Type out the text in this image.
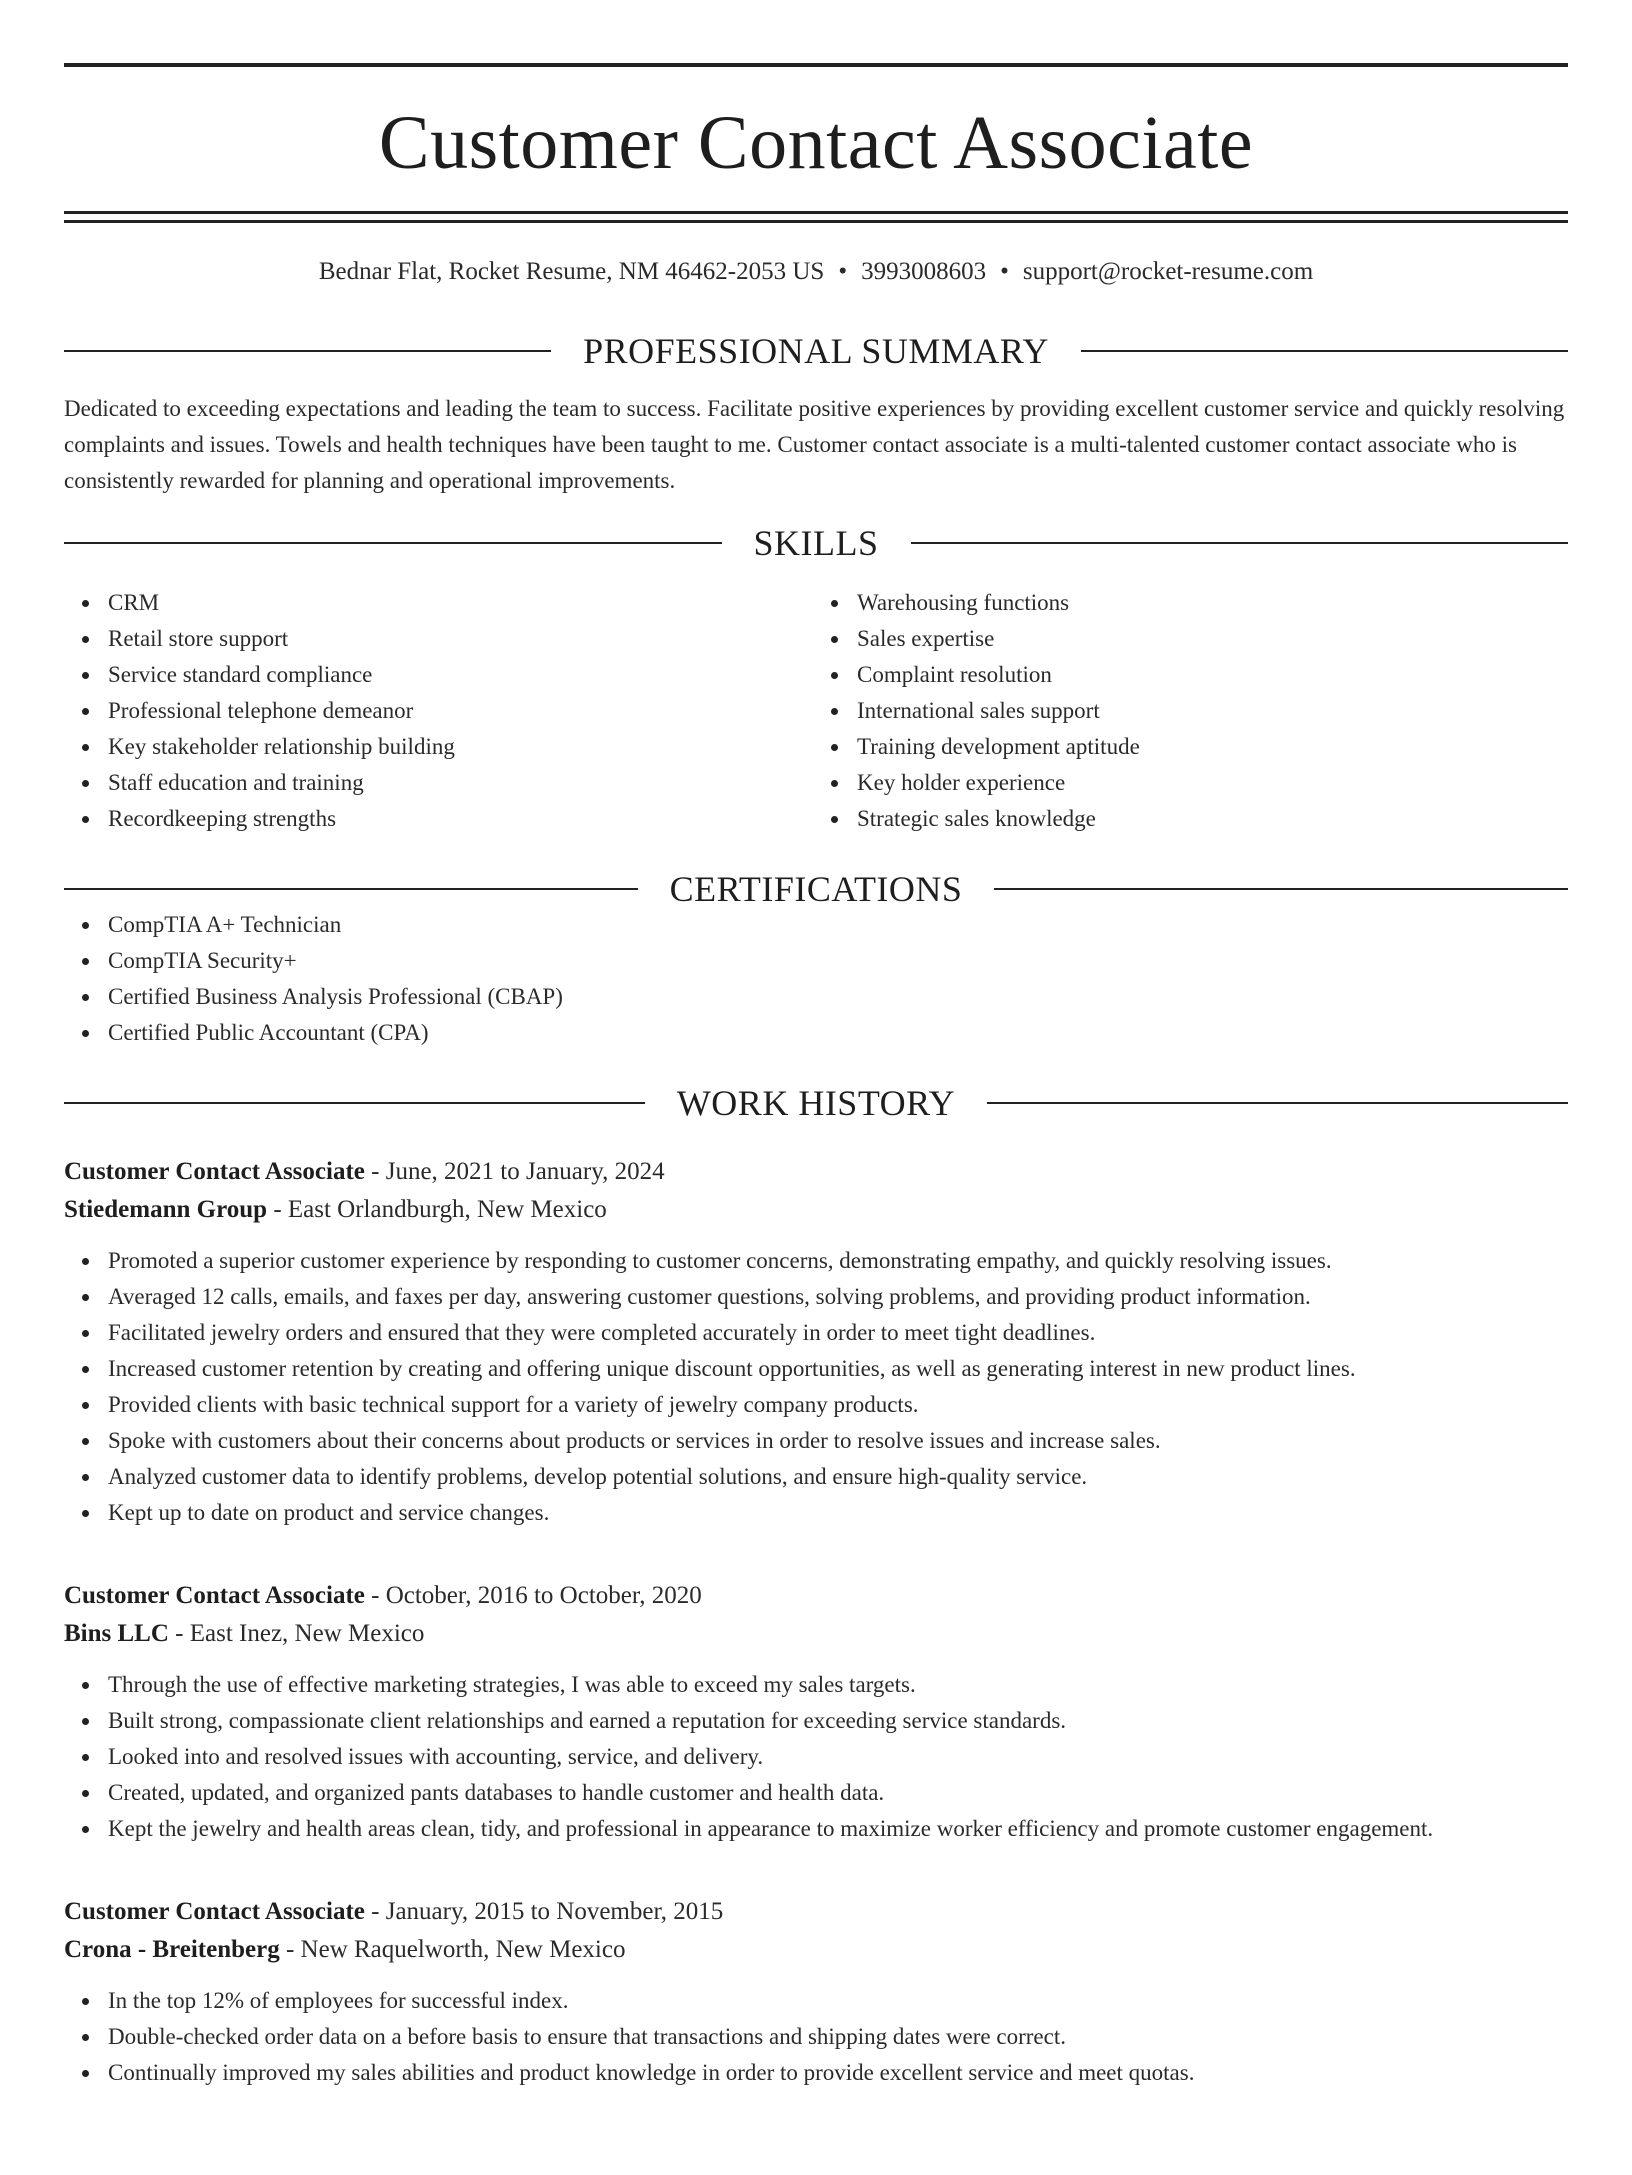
Customer Contact Associate
Bednar Flat, Rocket Resume, NM 46462-2053 US • 3993008603 • support@rocket-resume.com
PROFESSIONAL SUMMARY

Dedicated to exceeding expectations and leading the team to success. Facilitate positive experiences by providing excellent customer service and quickly resolving complaints and issues. Towels and health techniques have been taught to me. Customer contact associate is a multi-talented customer contact associate who is consistently rewarded for planning and operational improvements.

SKILLS
CRM
Retail store support
Service standard compliance
Professional telephone demeanor
Key stakeholder relationship building
Staff education and training
Recordkeeping strengths
Warehousing functions
Sales expertise
Complaint resolution
International sales support
Training development aptitude
Key holder experience
Strategic sales knowledge
CERTIFICATIONS
CompTIA A+ Technician
CompTIA Security+
Certified Business Analysis Professional (CBAP)
Certified Public Accountant (CPA)
WORK HISTORY
Customer Contact Associate - June, 2021 to January, 2024
Stiedemann Group - East Orlandburgh, New Mexico
Promoted a superior customer experience by responding to customer concerns, demonstrating empathy, and quickly resolving issues.
Averaged 12 calls, emails, and faxes per day, answering customer questions, solving problems, and providing product information.
Facilitated jewelry orders and ensured that they were completed accurately in order to meet tight deadlines.
Increased customer retention by creating and offering unique discount opportunities, as well as generating interest in new product lines.
Provided clients with basic technical support for a variety of jewelry company products.
Spoke with customers about their concerns about products or services in order to resolve issues and increase sales.
Analyzed customer data to identify problems, develop potential solutions, and ensure high-quality service.
Kept up to date on product and service changes.
Customer Contact Associate - October, 2016 to October, 2020
Bins LLC - East Inez, New Mexico
Through the use of effective marketing strategies, I was able to exceed my sales targets.
Built strong, compassionate client relationships and earned a reputation for exceeding service standards.
Looked into and resolved issues with accounting, service, and delivery.
Created, updated, and organized pants databases to handle customer and health data.
Kept the jewelry and health areas clean, tidy, and professional in appearance to maximize worker efficiency and promote customer engagement.
Customer Contact Associate - January, 2015 to November, 2015
Crona - Breitenberg - New Raquelworth, New Mexico
In the top 12% of employees for successful index.
Double-checked order data on a before basis to ensure that transactions and shipping dates were correct.
Continually improved my sales abilities and product knowledge in order to provide excellent service and meet quotas.
